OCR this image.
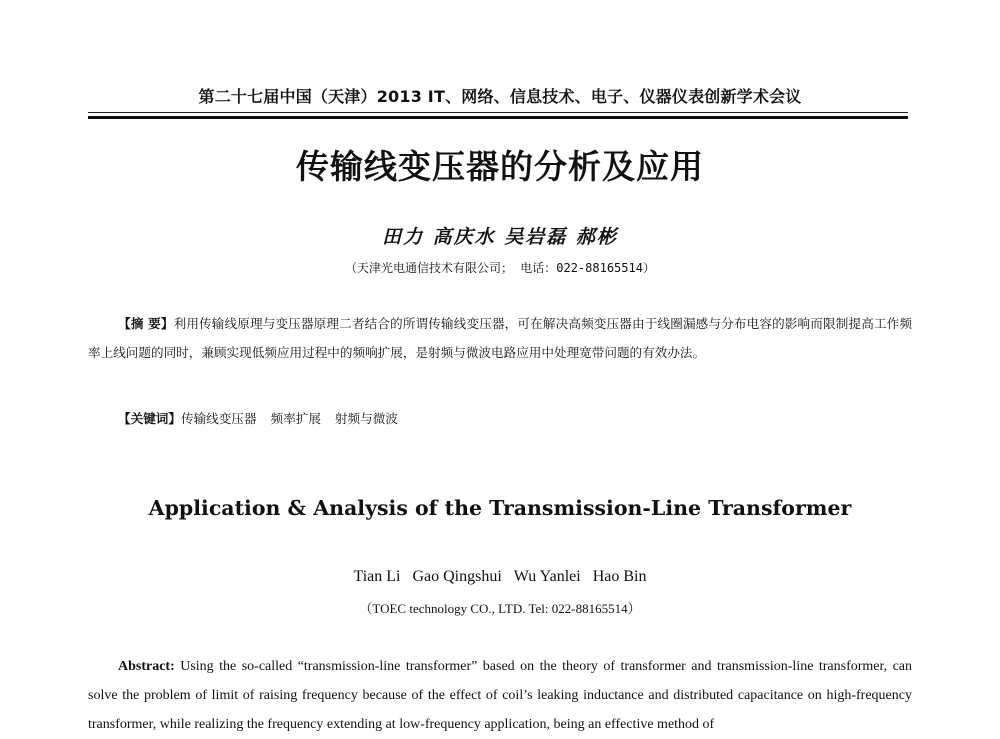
第二十七届中国（天津）2013 IT、网络、信息技术、电子、仪器仪表创新学术会议
传输线变压器的分析及应用
田力 高庆水 吴岩磊 郝彬
（天津光电通信技术有限公司； 电话：022-88165514）
【摘 要】利用传输线原理与变压器原理二者结合的所谓传输线变压器，可在解决高频变压器由于线圈漏感与分布电容的影响而限制提高工作频率上线问题的同时，兼顾实现低频应用过程中的频响扩展，是射频与微波电路应用中处理宽带问题的有效办法。
【关键词】传输线变压器 频率扩展 射频与微波
Application & Analysis of the Transmission-Line Transformer
Tian Li Gao Qingshui Wu Yanlei Hao Bin
（TOEC technology CO., LTD. Tel: 022-88165514）
Abstract: Using the so-called “transmission-line transformer” based on the theory of transformer and transmission-line transformer, can solve the problem of limit of raising frequency because of the effect of coil’s leaking inductance and distributed capacitance on high-frequency transformer, while realizing the frequency extending at low-frequency application, being an effective method of
